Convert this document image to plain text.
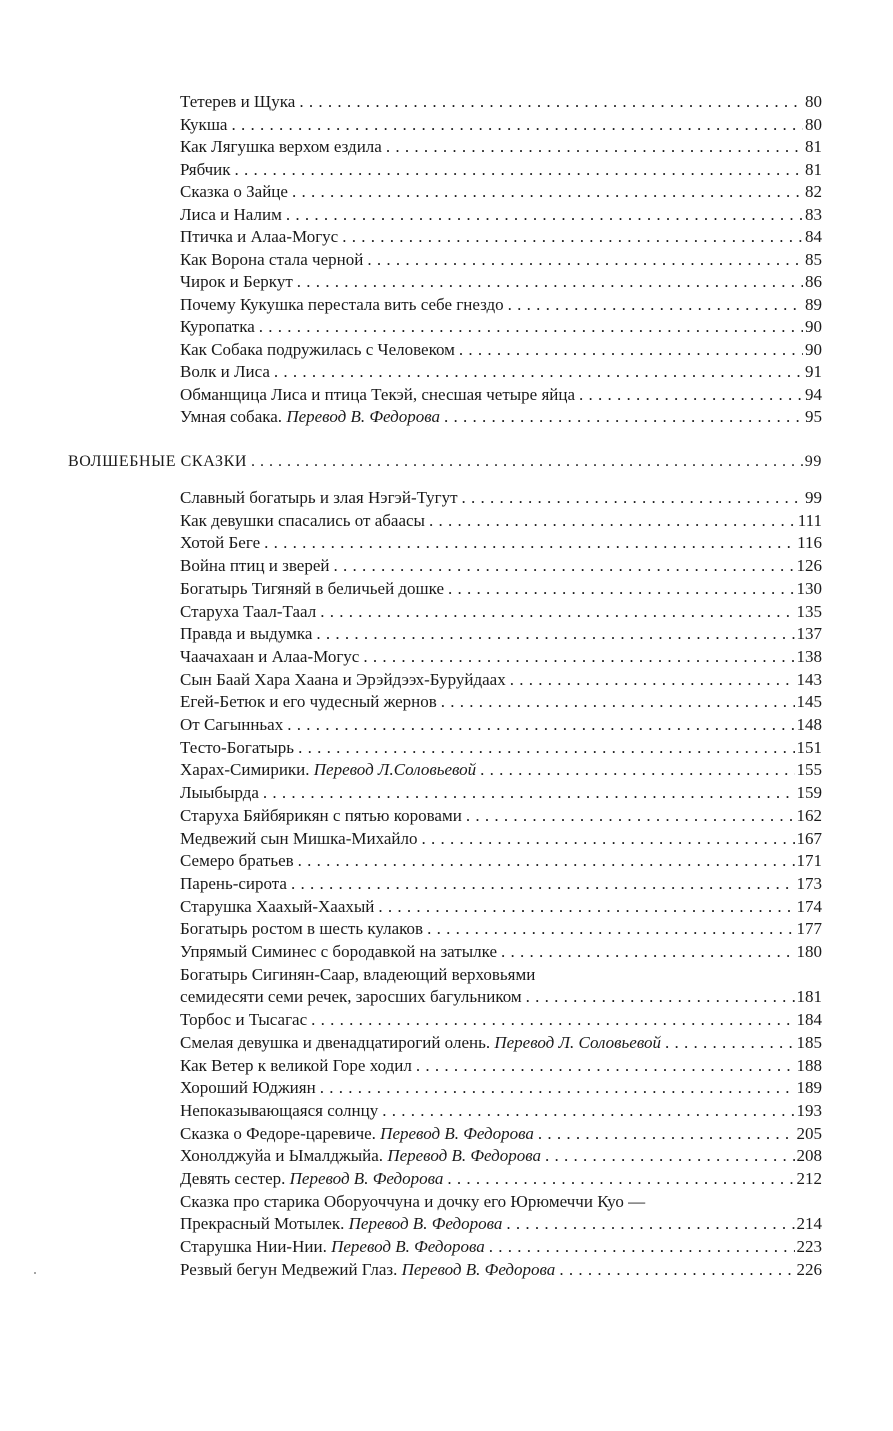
Тетерев и Щука . . .	80
Кукша . . .	80
Как Лягушка верхом ездила . . .	81
Рябчик . . .	81
Сказка о Зайце . . .	82
Лиса и Налим . . .	83
Птичка и Алаа-Могус . . .	84
Как Ворона стала черной . . .	85
Чирок и Беркут . . .	86
Почему Кукушка перестала вить себе гнездо . . .	89
Куропатка . . .	90
Как Собака подружилась с Человеком . . .	90
Волк и Лиса . . .	91
Обманщица Лиса и птица Текэй, снесшая четыре яйца . . .	94
Умная собака. Перевод В. Федорова . . .	95
ВОЛШЕБНЫЕ СКАЗКИ . . .	99
Славный богатырь и злая Нэгэй-Тугут . . .	99
Как девушки спасались от абаасы . . .	111
Хотой Беге . . .	116
Война птиц и зверей . . .	126
Богатырь Тигяняй в беличьей дошке . . .	130
Старуха Таал-Таал . . .	135
Правда и выдумка . . .	137
Чаачахаан и Алаа-Могус . . .	138
Сын Баай Хара Хаана и Эрэйдээх-Буруйдаах . . .	143
Егей-Бетюк и его чудесный жернов . . .	145
От Сагынньах . . .	148
Тесто-Богатырь . . .	151
Харах-Симирики. Перевод Л.Соловьевой . . .	155
Лыыбырда . . .	159
Старуха Бяйбярикян с пятью коровами . . .	162
Медвежий сын Мишка-Михайло . . .	167
Семеро братьев . . .	171
Парень-сирота . . .	173
Старушка Хаахый-Хаахый . . .	174
Богатырь ростом в шесть кулаков . . .	177
Упрямый Симинес с бородавкой на затылке . . .	180
Богатырь Сигинян-Саар, владеющий верховьями
семидесяти семи речек, заросших багульником . . .	181
Торбос и Тысагас . . .	184
Смелая девушка и двенадцатирогий олень. Перевод Л. Соловьевой . . .	185
Как Ветер к великой Горе ходил . . .	188
Хороший Юджиян . . .	189
Непоказывающаяся солнцу . . .	193
Сказка о Федоре-царевиче. Перевод В. Федорова . . .	205
Хонолджуйа и Ымалджыйа. Перевод В. Федорова . . .	208
Девять сестер. Перевод В. Федорова . . .	212
Сказка про старика Оборуоччуна и дочку его Юрюмеччи Куо —
Прекрасный Мотылек. Перевод В. Федорова . . .	214
Старушка Нии-Нии. Перевод В. Федорова . . .	223
Резвый бегун Медвежий Глаз. Перевод В. Федорова . . .	226
